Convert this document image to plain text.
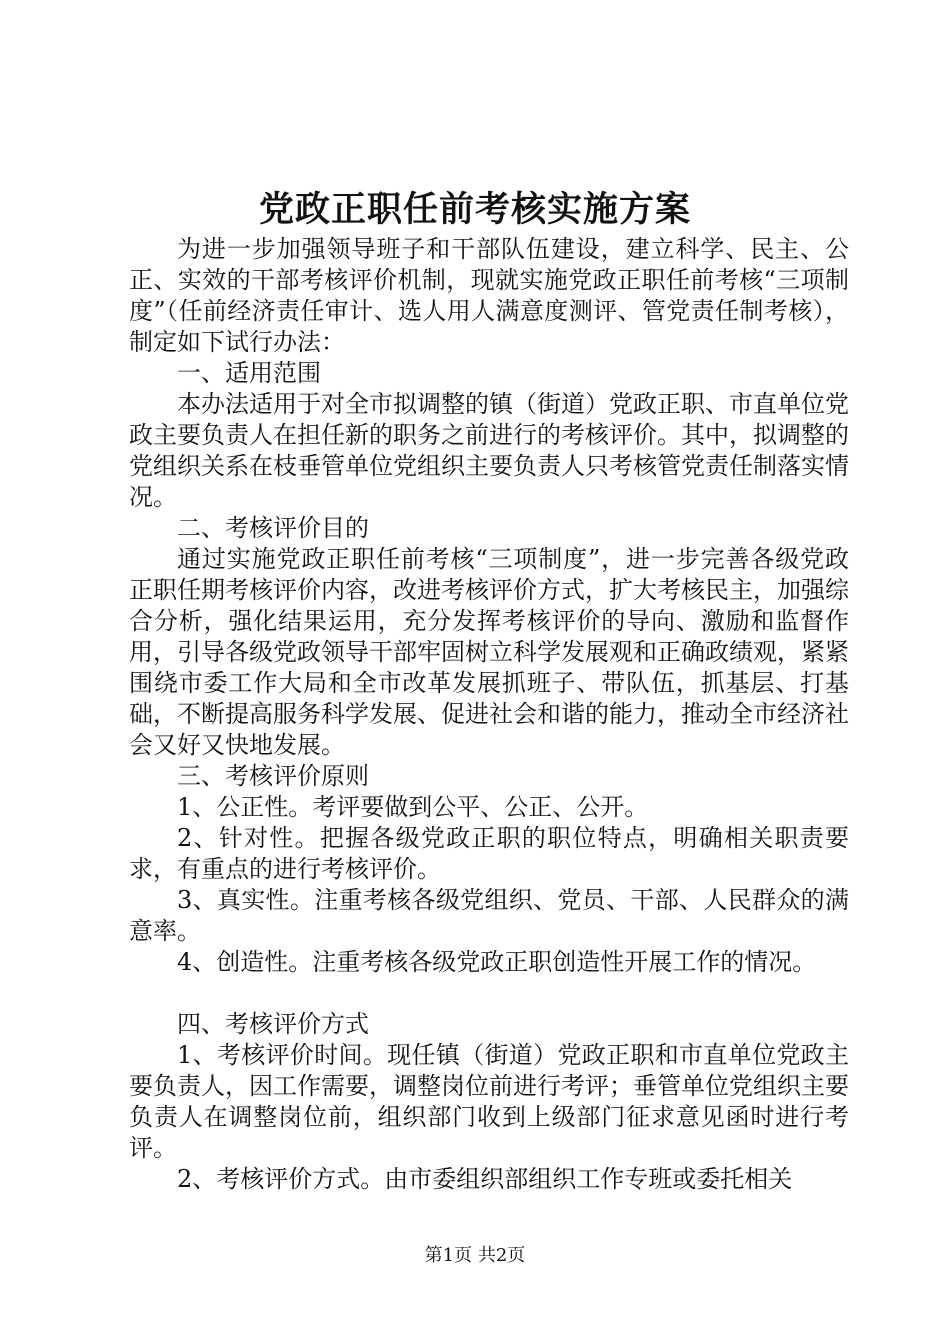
党政正职任前考核实施方案

为进一步加强领导班子和干部队伍建设，建立科学、民主、公正、实效的干部考核评价机制，现就实施党政正职任前考核“三项制度”（任前经济责任审计、选人用人满意度测评、管党责任制考核），制定如下试行办法：

一、适用范围

本办法适用于对全市拟调整的镇（街道）党政正职、市直单位党政主要负责人在担任新的职务之前进行的考核评价。其中，拟调整的党组织关系在枝垂管单位党组织主要负责人只考核管党责任制落实情况。

二、考核评价目的

通过实施党政正职任前考核“三项制度”，进一步完善各级党政正职任期考核评价内容，改进考核评价方式，扩大考核民主，加强综合分析，强化结果运用，充分发挥考核评价的导向、激励和监督作用，引导各级党政领导干部牢固树立科学发展观和正确政绩观，紧紧围绕市委工作大局和全市改革发展抓班子、带队伍，抓基层、打基础，不断提高服务科学发展、促进社会和谐的能力，推动全市经济社会又好又快地发展。

三、考核评价原则

1、公正性。考评要做到公平、公正、公开。

2、针对性。把握各级党政正职的职位特点，明确相关职责要求，有重点的进行考核评价。

3、真实性。注重考核各级党组织、党员、干部、人民群众的满意率。

4、创造性。注重考核各级党政正职创造性开展工作的情况。

四、考核评价方式

1、考核评价时间。现任镇（街道）党政正职和市直单位党政主要负责人，因工作需要，调整岗位前进行考评；垂管单位党组织主要负责人在调整岗位前，组织部门收到上级部门征求意见函时进行考评。

2、考核评价方式。由市委组织部组织工作专班或委托相关

第1页 共2页
